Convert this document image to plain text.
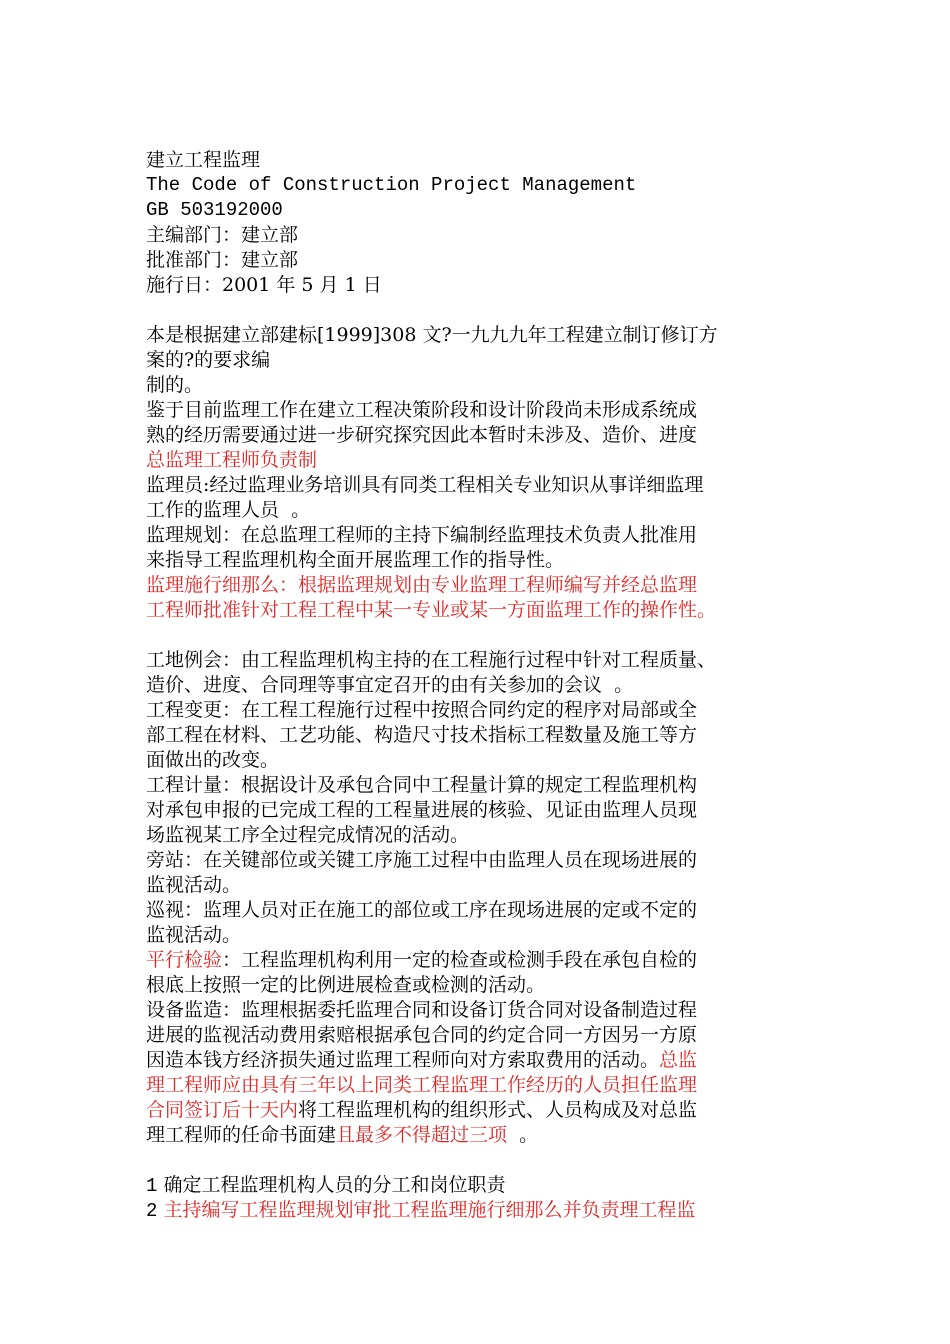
建立工程监理
The Code of Construction Project Management
GB 503192000
主编部门：建立部
批准部门：建立部
施行日：2001 年 5 月 1 日
本是根据建立部建标[1999]308 文?一九九九年工程建立制订修订方
案的?的要求编
制的。
鉴于目前监理工作在建立工程决策阶段和设计阶段尚未形成系统成
熟的经历需要通过进一步研究探究因此本暂时未涉及、造价、进度
总监理工程师负责制
监理员:经过监理业务培训具有同类工程相关专业知识从事详细监理
工作的监理人员  。
监理规划：在总监理工程师的主持下编制经监理技术负责人批准用
来指导工程监理机构全面开展监理工作的指导性。
监理施行细那么：根据监理规划由专业监理工程师编写并经总监理
工程师批准针对工程工程中某一专业或某一方面监理工作的操作性。
工地例会：由工程监理机构主持的在工程施行过程中针对工程质量、
造价、进度、合同理等事宜定召开的由有关参加的会议  。
工程变更：在工程工程施行过程中按照合同约定的程序对局部或全
部工程在材料、工艺功能、构造尺寸技术指标工程数量及施工等方
面做出的改变。
工程计量：根据设计及承包合同中工程量计算的规定工程监理机构
对承包申报的已完成工程的工程量进展的核验、见证由监理人员现
场监视某工序全过程完成情况的活动。
旁站：在关键部位或关键工序施工过程中由监理人员在现场进展的
监视活动。
巡视：监理人员对正在施工的部位或工序在现场进展的定或不定的
监视活动。
平行检验：工程监理机构利用一定的检查或检测手段在承包自检的
根底上按照一定的比例进展检查或检测的活动。
设备监造：监理根据委托监理合同和设备订货合同对设备制造过程
进展的监视活动费用索赔根据承包合同的约定合同一方因另一方原
因造本钱方经济损失通过监理工程师向对方索取费用的活动。总监
理工程师应由具有三年以上同类工程监理工作经历的人员担任监理
合同签订后十天内将工程监理机构的组织形式、人员构成及对总监
理工程师的任命书面建且最多不得超过三项  。
1 确定工程监理机构人员的分工和岗位职责
2 主持编写工程监理规划审批工程监理施行细那么并负责理工程监
